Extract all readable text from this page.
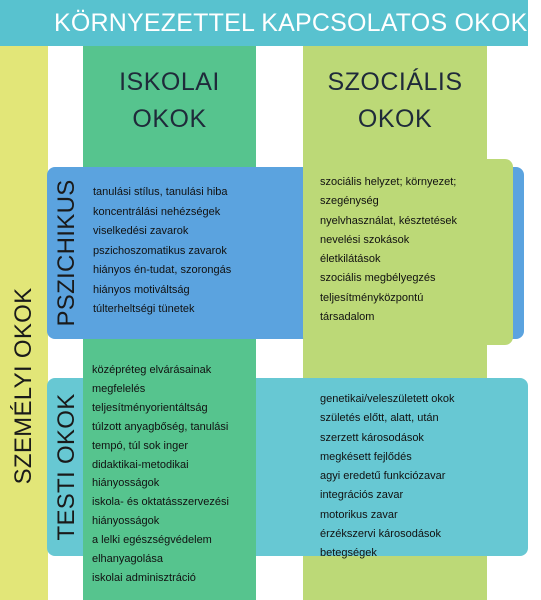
KÖRNYEZETTEL KAPCSOLATOS OKOK
SZEMÉLYI OKOK
ISKOLAI
OKOK
SZOCIÁLIS
OKOK
PSZICHIKUS
TESTI OKOK
tanulási stílus, tanulási hiba
koncentrálási nehézségek
viselkedési zavarok
pszichoszomatikus zavarok
hiányos én-tudat, szorongás
hiányos motiváltság
túlterheltségi tünetek
szociális helyzet; környezet;
szegénység
nyelvhasználat, késztetések
nevelési szokások
életkilátások
szociális megbélyegzés
teljesítményközpontú
társadalom
középréteg elvárásainak
megfelelés
teljesítményorientáltság
túlzott anyagbőség, tanulási
tempó, túl sok inger
didaktikai-metodikai
hiányosságok
iskola- és oktatásszervezési
hiányosságok
a lelki egészségvédelem
elhanyagolása
iskolai adminisztráció
genetikai/veleszületett okok
születés előtt, alatt, után
szerzett károsodások
megkésett fejlődés
agyi eredetű funkciózavar
integrációs zavar
motorikus zavar
érzékszervi károsodások
betegségek
